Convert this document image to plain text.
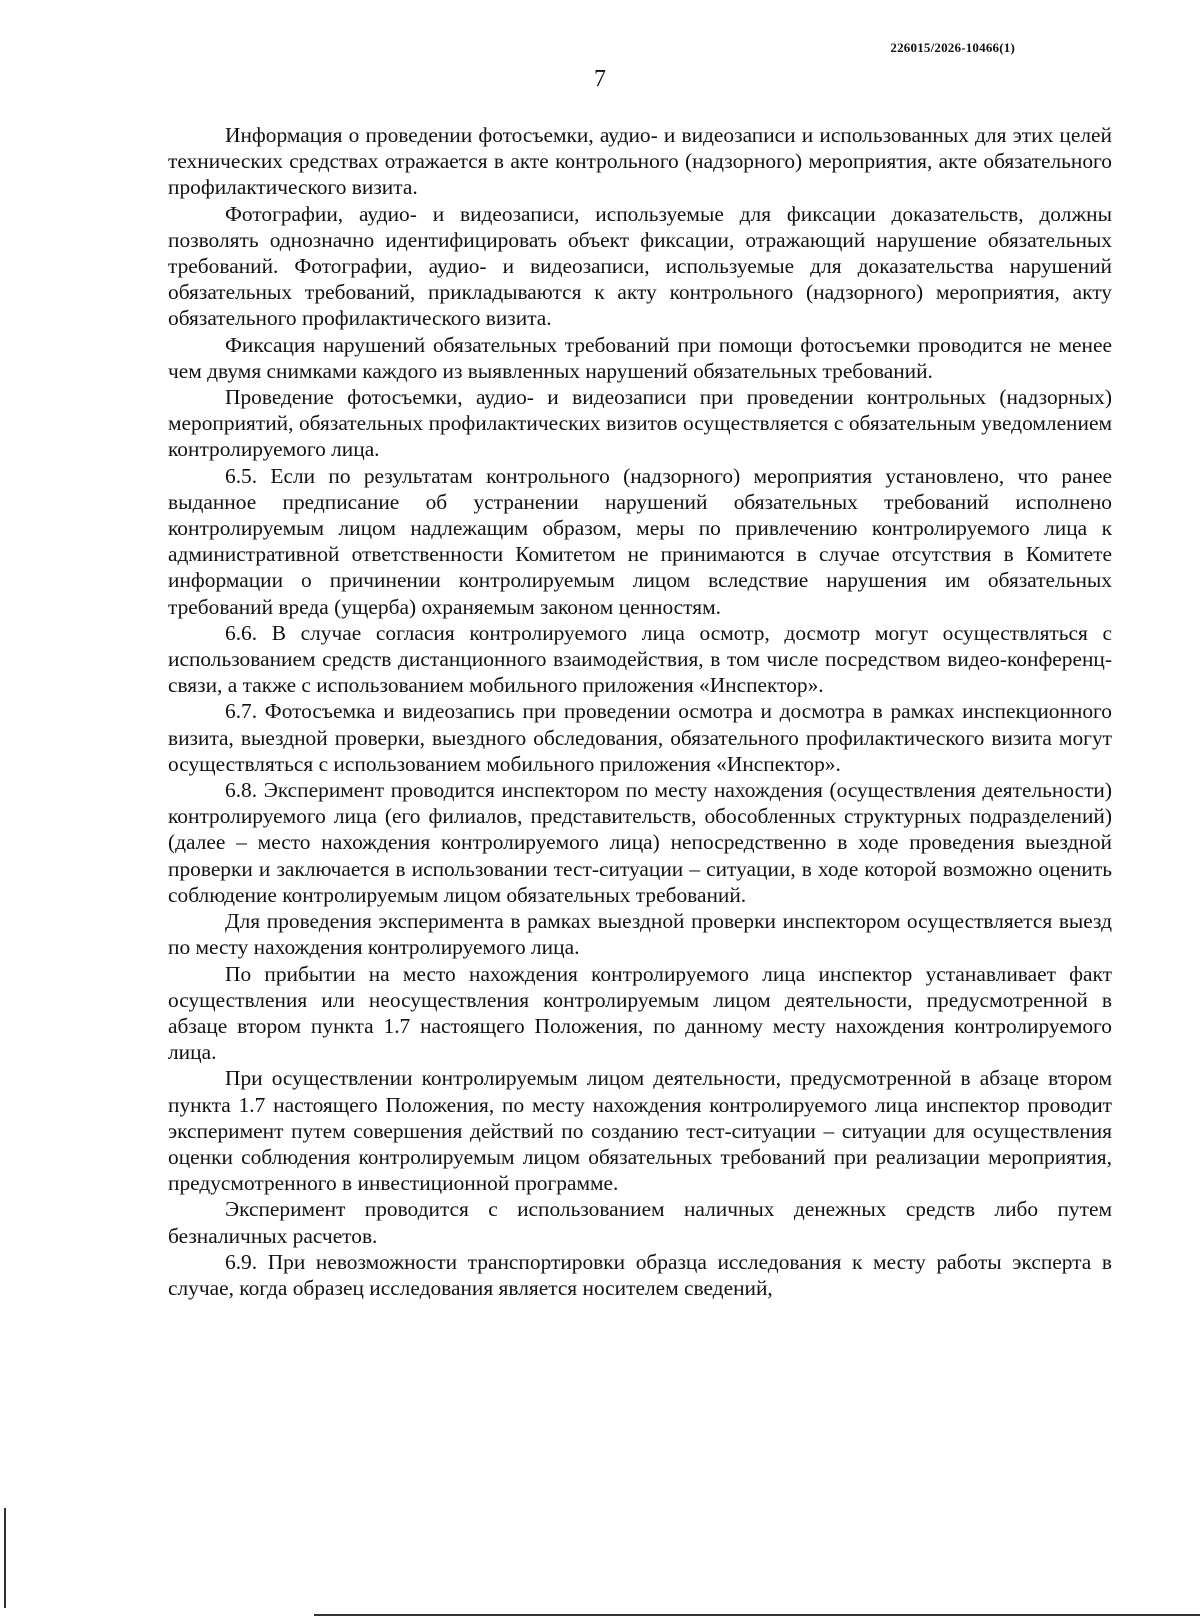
226015/2026-10466(1)
7

Информация о проведении фотосъемки, аудио- и видеозаписи и использованных для этих целей технических средствах отражается в акте контрольного (надзорного) мероприятия, акте обязательного профилактического визита.

Фотографии, аудио- и видеозаписи, используемые для фиксации доказательств, должны позволять однозначно идентифицировать объект фиксации, отражающий нарушение обязательных требований. Фотографии, аудио- и видеозаписи, используемые для доказательства нарушений обязательных требований, прикладываются к акту контрольного (надзорного) мероприятия, акту обязательного профилактического визита.

Фиксация нарушений обязательных требований при помощи фотосъемки проводится не менее чем двумя снимками каждого из выявленных нарушений обязательных требований.

Проведение фотосъемки, аудио- и видеозаписи при проведении контрольных (надзорных) мероприятий, обязательных профилактических визитов осуществляется с обязательным уведомлением контролируемого лица.

6.5. Если по результатам контрольного (надзорного) мероприятия установлено, что ранее выданное предписание об устранении нарушений обязательных требований исполнено контролируемым лицом надлежащим образом, меры по привлечению контролируемого лица к административной ответственности Комитетом не принимаются в случае отсутствия в Комитете информации о причинении контролируемым лицом вследствие нарушения им обязательных требований вреда (ущерба) охраняемым законом ценностям.

6.6. В случае согласия контролируемого лица осмотр, досмотр могут осуществляться с использованием средств дистанционного взаимодействия, в том числе посредством видео-конференц-связи, а также с использованием мобильного приложения «Инспектор».

6.7. Фотосъемка и видеозапись при проведении осмотра и досмотра в рамках инспекционного визита, выездной проверки, выездного обследования, обязательного профилактического визита могут осуществляться с использованием мобильного приложения «Инспектор».

6.8. Эксперимент проводится инспектором по месту нахождения (осуществления деятельности) контролируемого лица (его филиалов, представительств, обособленных структурных подразделений) (далее – место нахождения контролируемого лица) непосредственно в ходе проведения выездной проверки и заключается в использовании тест-ситуации – ситуации, в ходе которой возможно оценить соблюдение контролируемым лицом обязательных требований.

Для проведения эксперимента в рамках выездной проверки инспектором осуществляется выезд по месту нахождения контролируемого лица.

По прибытии на место нахождения контролируемого лица инспектор устанавливает факт осуществления или неосуществления контролируемым лицом деятельности, предусмотренной в абзаце втором пункта 1.7 настоящего Положения, по данному месту нахождения контролируемого лица.

При осуществлении контролируемым лицом деятельности, предусмотренной в абзаце втором пункта 1.7 настоящего Положения, по месту нахождения контролируемого лица инспектор проводит эксперимент путем совершения действий по созданию тест-ситуации – ситуации для осуществления оценки соблюдения контролируемым лицом обязательных требований при реализации мероприятия, предусмотренного в инвестиционной программе.

Эксперимент проводится с использованием наличных денежных средств либо путем безналичных расчетов.

6.9. При невозможности транспортировки образца исследования к месту работы эксперта в случае, когда образец исследования является носителем сведений,
